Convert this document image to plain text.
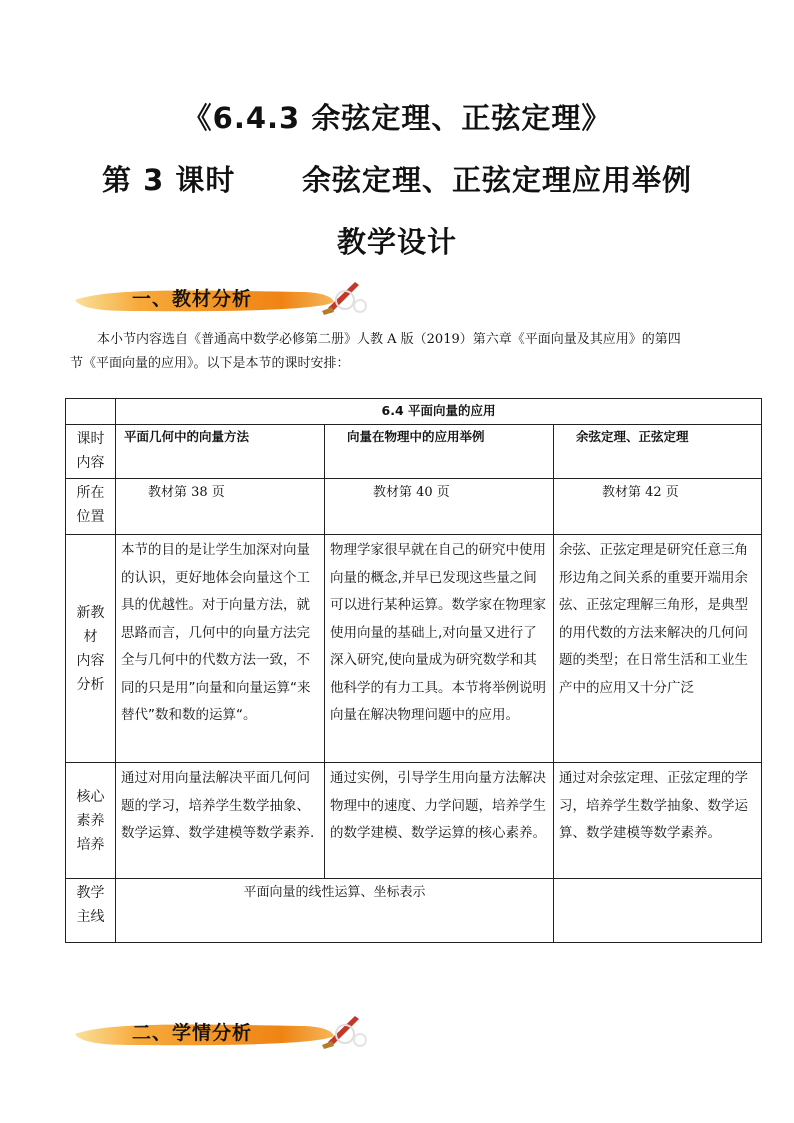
《6.4.3 余弦定理、正弦定理》
第 3 课时      余弦定理、正弦定理应用举例
教学设计
一、教材分析
本小节内容选自《普通高中数学必修第二册》人教 A 版（2019）第六章《平面向量及其应用》的第四
节《平面向量的应用》。以下是本节的课时安排：
	6.4 平面向量的应用		
课时
内容	平面几何中的向量方法	向量在物理中的应用举例	余弦定理、正弦定理
所在
位置	教材第 38 页	教材第 40 页	教材第 42 页
新教
材
内容
分析	本节的目的是让学生加深对向量的认识，更好地体会向量这个工具的优越性。对于向量方法，就思路而言，几何中的向量方法完全与几何中的代数方法一致，不同的只是用”向量和向量运算“来替代”数和数的运算“。	物理学家很早就在自己的研究中使用向量的概念,并早已发现这些量之间可以进行某种运算。数学家在物理家使用向量的基础上,对向量又进行了深入研究,使向量成为研究数学和其他科学的有力工具。本节将举例说明向量在解决物理问题中的应用。	余弦、正弦定理是研究任意三角形边角之间关系的重要开端用余弦、正弦定理解三角形，是典型的用代数的方法来解决的几何问题的类型；在日常生活和工业生产中的应用又十分广泛
核心
素养
培养	通过对用向量法解决平面几何问题的学习，培养学生数学抽象、数学运算、数学建模等数学素养.	通过实例，引导学生用向量方法解决物理中的速度、力学问题，培养学生的数学建模、数学运算的核心素养。	通过对余弦定理、正弦定理的学习，培养学生数学抽象、数学运算、数学建模等数学素养。
教学
主线	平面向量的线性运算、坐标表示		
二、学情分析
